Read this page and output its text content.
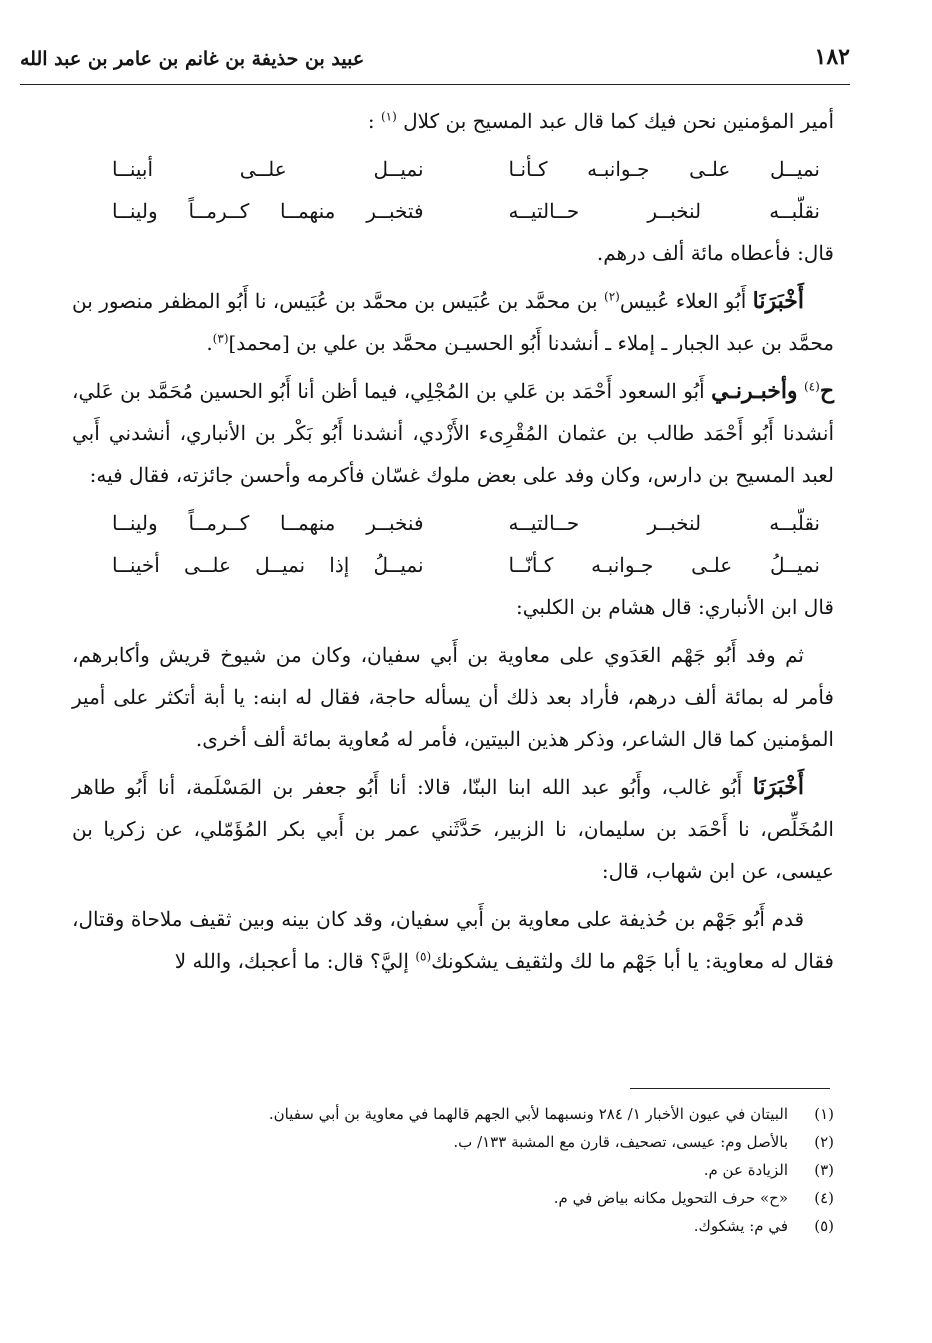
١٨٢
عبيد بن حذيفة بن غانم بن عامر بن عبد الله

أمير المؤمنين نحن فيك كما قال عبد المسيح بن كلال $^{(١)}$ :

نميــل علـى جـوانبـه كـأنـا
نميــل علــى أبينــا
نقلّبــه لنخبــر حــالتيــه
فتخبــر منهمــا كــرمــاً ولينــا

قال: فأعطاه مائة ألف درهم.

أَخْبَرَنَا أَبُو العلاء عُبيس$^{(٢)}$ بن محمَّد بن عُبَيس بن محمَّد بن عُبَيس، نا أَبُو المظفر منصور بن محمَّد بن عبد الجبار ـ إملاء ـ أنشدنا أَبُو الحسيـن محمَّد بن علي بن [محمد]$^{(٣)}$.

ح$^{(٤)}$ وأخبـرنـي أَبُو السعود أَحْمَد بن عَلي بن المُجْلِي، فيما أظن أنا أَبُو الحسين مُحَمَّد بن عَلي، أنشدنا أَبُو أَحْمَد طالب بن عثمان المُقْرِىء الأَزْدي، أنشدنا أَبُو بَكْر بن الأنباري، أنشدني أَبي لعبد المسيح بن دارس، وكان وفد على بعض ملوك غسّان فأكرمه وأحسن جائزته، فقال فيه:

نقلّبــه لنخبــر حــالتيــه
فنخبــر منهمــا كــرمــاً ولينــا
نميــلُ علـى جـوانبـه كـأنّــا
نميــلُ إذا نميــل علــى أخينــا

قال ابن الأنباري: قال هشام بن الكلبي:

ثم وفد أَبُو جَهْم العَدَوي على معاوية بن أَبي سفيان، وكان من شيوخ قريش وأكابرهم، فأمر له بمائة ألف درهم، فأراد بعد ذلك أن يسأله حاجة، فقال له ابنه: يا أبة أتكثر على أمير المؤمنين كما قال الشاعر، وذكر هذين البيتين، فأمر له مُعاوية بمائة ألف أخرى.

أَخْبَرَنَا أَبُو غالب، وأَبُو عبد الله ابنا البنّا، قالا: أنا أَبُو جعفر بن المَسْلَمة، أنا أَبُو طاهر المُخَلِّص، نا أَحْمَد بن سليمان، نا الزبير، حَدَّثَني عمر بن أَبي بكر المُؤَمّلي، عن زكريا بن عيسى، عن ابن شهاب، قال:

قدم أَبُو جَهْم بن حُذيفة على معاوية بن أَبي سفيان، وقد كان بينه وبين ثقيف ملاحاة وقتال، فقال له معاوية: يا أبا جَهْم ما لك ولثقيف يشكونك$^{(٥)}$ إليَّ؟ قال: ما أعجبك، والله لا

(١)
البيتان في عيون الأخبار ١/ ٢٨٤ ونسبهما لأبي الجهم قالهما في معاوية بن أبي سفيان.
(٢)
بالأصل وم: عيسى، تصحيف، قارن مع المشبة ١٣٣/ ب.
(٣)
الزيادة عن م.
(٤)
«ح» حرف التحويل مكانه بياض في م.
(٥)
في م: يشكوك.
